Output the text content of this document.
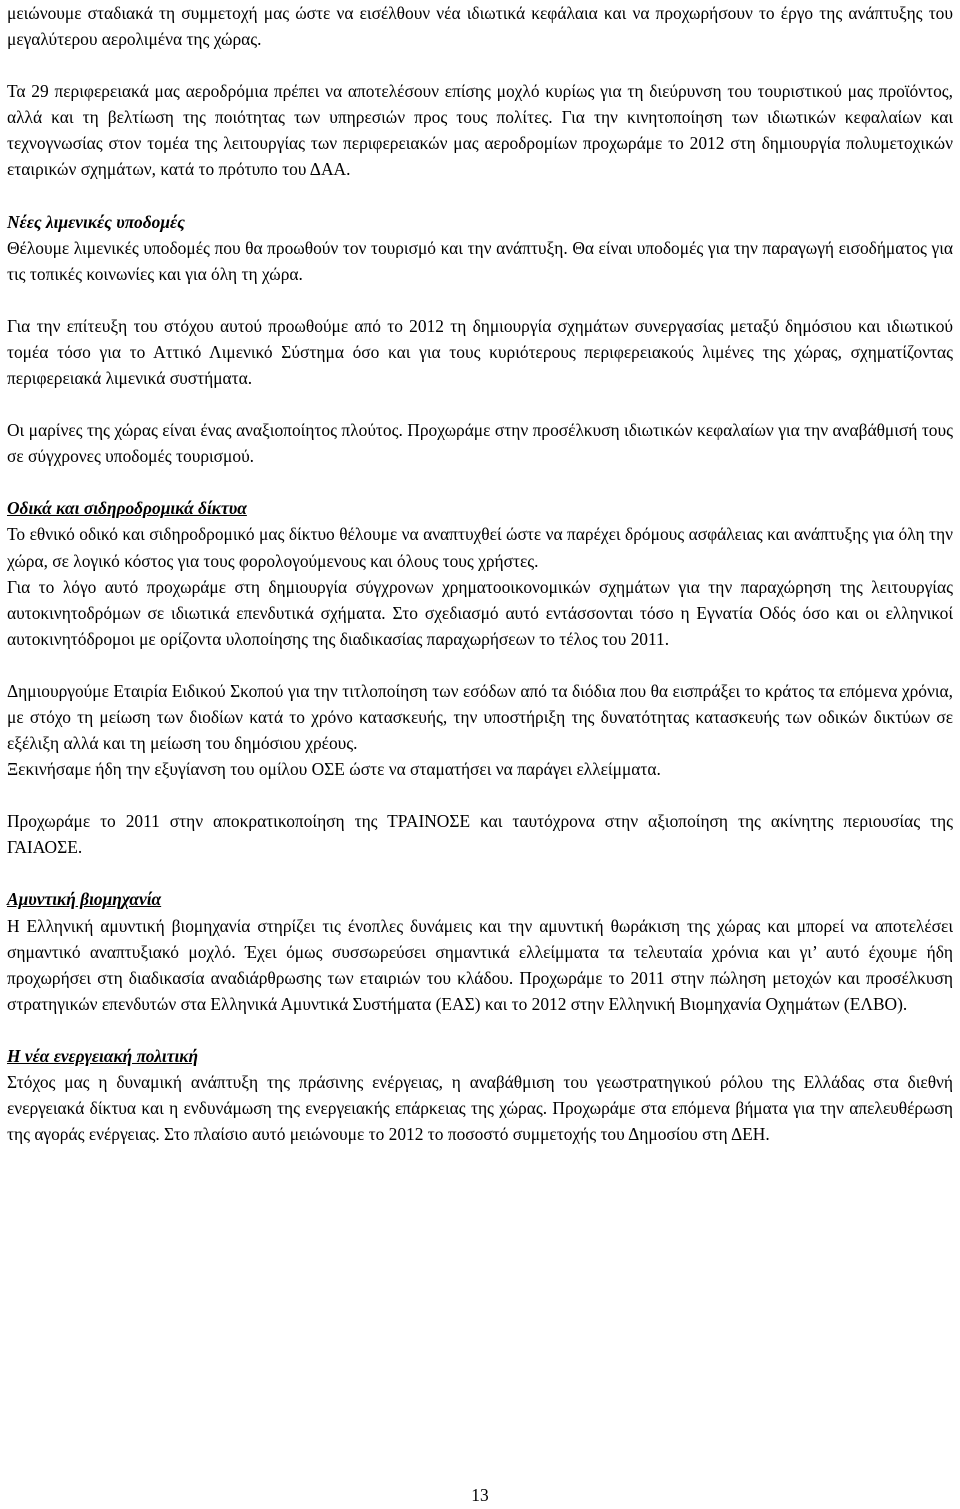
μειώνουμε σταδιακά τη συμμετοχή μας ώστε να εισέλθουν νέα ιδιωτικά κεφάλαια και να προχωρήσουν το έργο της ανάπτυξης του μεγαλύτερου αερολιμένα της χώρας.

Τα 29 περιφερειακά μας αεροδρόμια πρέπει να αποτελέσουν επίσης μοχλό κυρίως για τη διεύρυνση του τουριστικού μας προϊόντος, αλλά και τη βελτίωση της ποιότητας των υπηρεσιών προς τους πολίτες. Για την κινητοποίηση των ιδιωτικών κεφαλαίων και τεχνογνωσίας στον τομέα της λειτουργίας των περιφερειακών μας αεροδρομίων προχωράμε το 2012 στη δημιουργία πολυμετοχικών εταιρικών σχημάτων, κατά το πρότυπο του ΔΑΑ.

Νέες λιμενικές υποδομές

Θέλουμε λιμενικές υποδομές που θα προωθούν τον τουρισμό και την ανάπτυξη. Θα είναι υποδομές για την παραγωγή εισοδήματος για τις τοπικές κοινωνίες και για όλη τη χώρα.

Για την επίτευξη του στόχου αυτού προωθούμε από το 2012 τη δημιουργία σχημάτων συνεργασίας μεταξύ δημόσιου και ιδιωτικού τομέα τόσο για το Αττικό Λιμενικό Σύστημα όσο και για τους κυριότερους περιφερειακούς λιμένες της χώρας, σχηματίζοντας περιφερειακά λιμενικά συστήματα.

Οι μαρίνες της χώρας είναι ένας αναξιοποίητος πλούτος. Προχωράμε στην προσέλκυση ιδιωτικών κεφαλαίων για την αναβάθμισή τους σε σύγχρονες υποδομές τουρισμού.

Οδικά και σιδηροδρομικά δίκτυα

Το εθνικό οδικό και σιδηροδρομικό μας δίκτυο θέλουμε να αναπτυχθεί ώστε να παρέχει δρόμους ασφάλειας και ανάπτυξης για όλη την χώρα, σε λογικό κόστος για τους φορολογούμενους και όλους τους χρήστες.

Για το λόγο αυτό προχωράμε στη δημιουργία σύγχρονων χρηματοοικονομικών σχημάτων για την παραχώρηση της λειτουργίας αυτοκινητοδρόμων σε ιδιωτικά επενδυτικά σχήματα. Στο σχεδιασμό αυτό εντάσσονται τόσο η Εγνατία Οδός όσο και οι ελληνικοί αυτοκινητόδρομοι με ορίζοντα υλοποίησης της διαδικασίας παραχωρήσεων το τέλος του 2011.

Δημιουργούμε Εταιρία Ειδικού Σκοπού για την τιτλοποίηση των εσόδων από τα διόδια που θα εισπράξει το κράτος τα επόμενα χρόνια, με στόχο τη μείωση των διοδίων κατά το χρόνο κατασκευής, την υποστήριξη της δυνατότητας κατασκευής των οδικών δικτύων σε εξέλιξη αλλά και τη μείωση του δημόσιου χρέους.

Ξεκινήσαμε ήδη την εξυγίανση του ομίλου ΟΣΕ ώστε να σταματήσει να παράγει ελλείμματα.

Προχωράμε το 2011 στην αποκρατικοποίηση της ΤΡΑΙΝΟΣΕ και ταυτόχρονα στην αξιοποίηση της ακίνητης περιουσίας της ΓΑΙΑΟΣΕ.

Αμυντική βιομηχανία

Η Ελληνική αμυντική βιομηχανία στηρίζει τις ένοπλες δυνάμεις και την αμυντική θωράκιση της χώρας και μπορεί να αποτελέσει σημαντικό αναπτυξιακό μοχλό. Έχει όμως συσσωρεύσει σημαντικά ελλείμματα τα τελευταία χρόνια και γι’ αυτό έχουμε ήδη προχωρήσει στη διαδικασία αναδιάρθρωσης των εταιριών του κλάδου. Προχωράμε το 2011 στην πώληση μετοχών και προσέλκυση στρατηγικών επενδυτών στα Ελληνικά Αμυντικά Συστήματα (ΕΑΣ) και το 2012 στην Ελληνική Βιομηχανία Οχημάτων (ΕΛΒΟ).

Η νέα ενεργειακή πολιτική

Στόχος μας η δυναμική ανάπτυξη της πράσινης ενέργειας, η αναβάθμιση του γεωστρατηγικού ρόλου της Ελλάδας στα διεθνή ενεργειακά δίκτυα και η ενδυνάμωση της ενεργειακής επάρκειας της χώρας. Προχωράμε στα επόμενα βήματα για την απελευθέρωση της αγοράς ενέργειας. Στο πλαίσιο αυτό μειώνουμε το 2012 το ποσοστό συμμετοχής του Δημοσίου στη ΔΕΗ.

13
